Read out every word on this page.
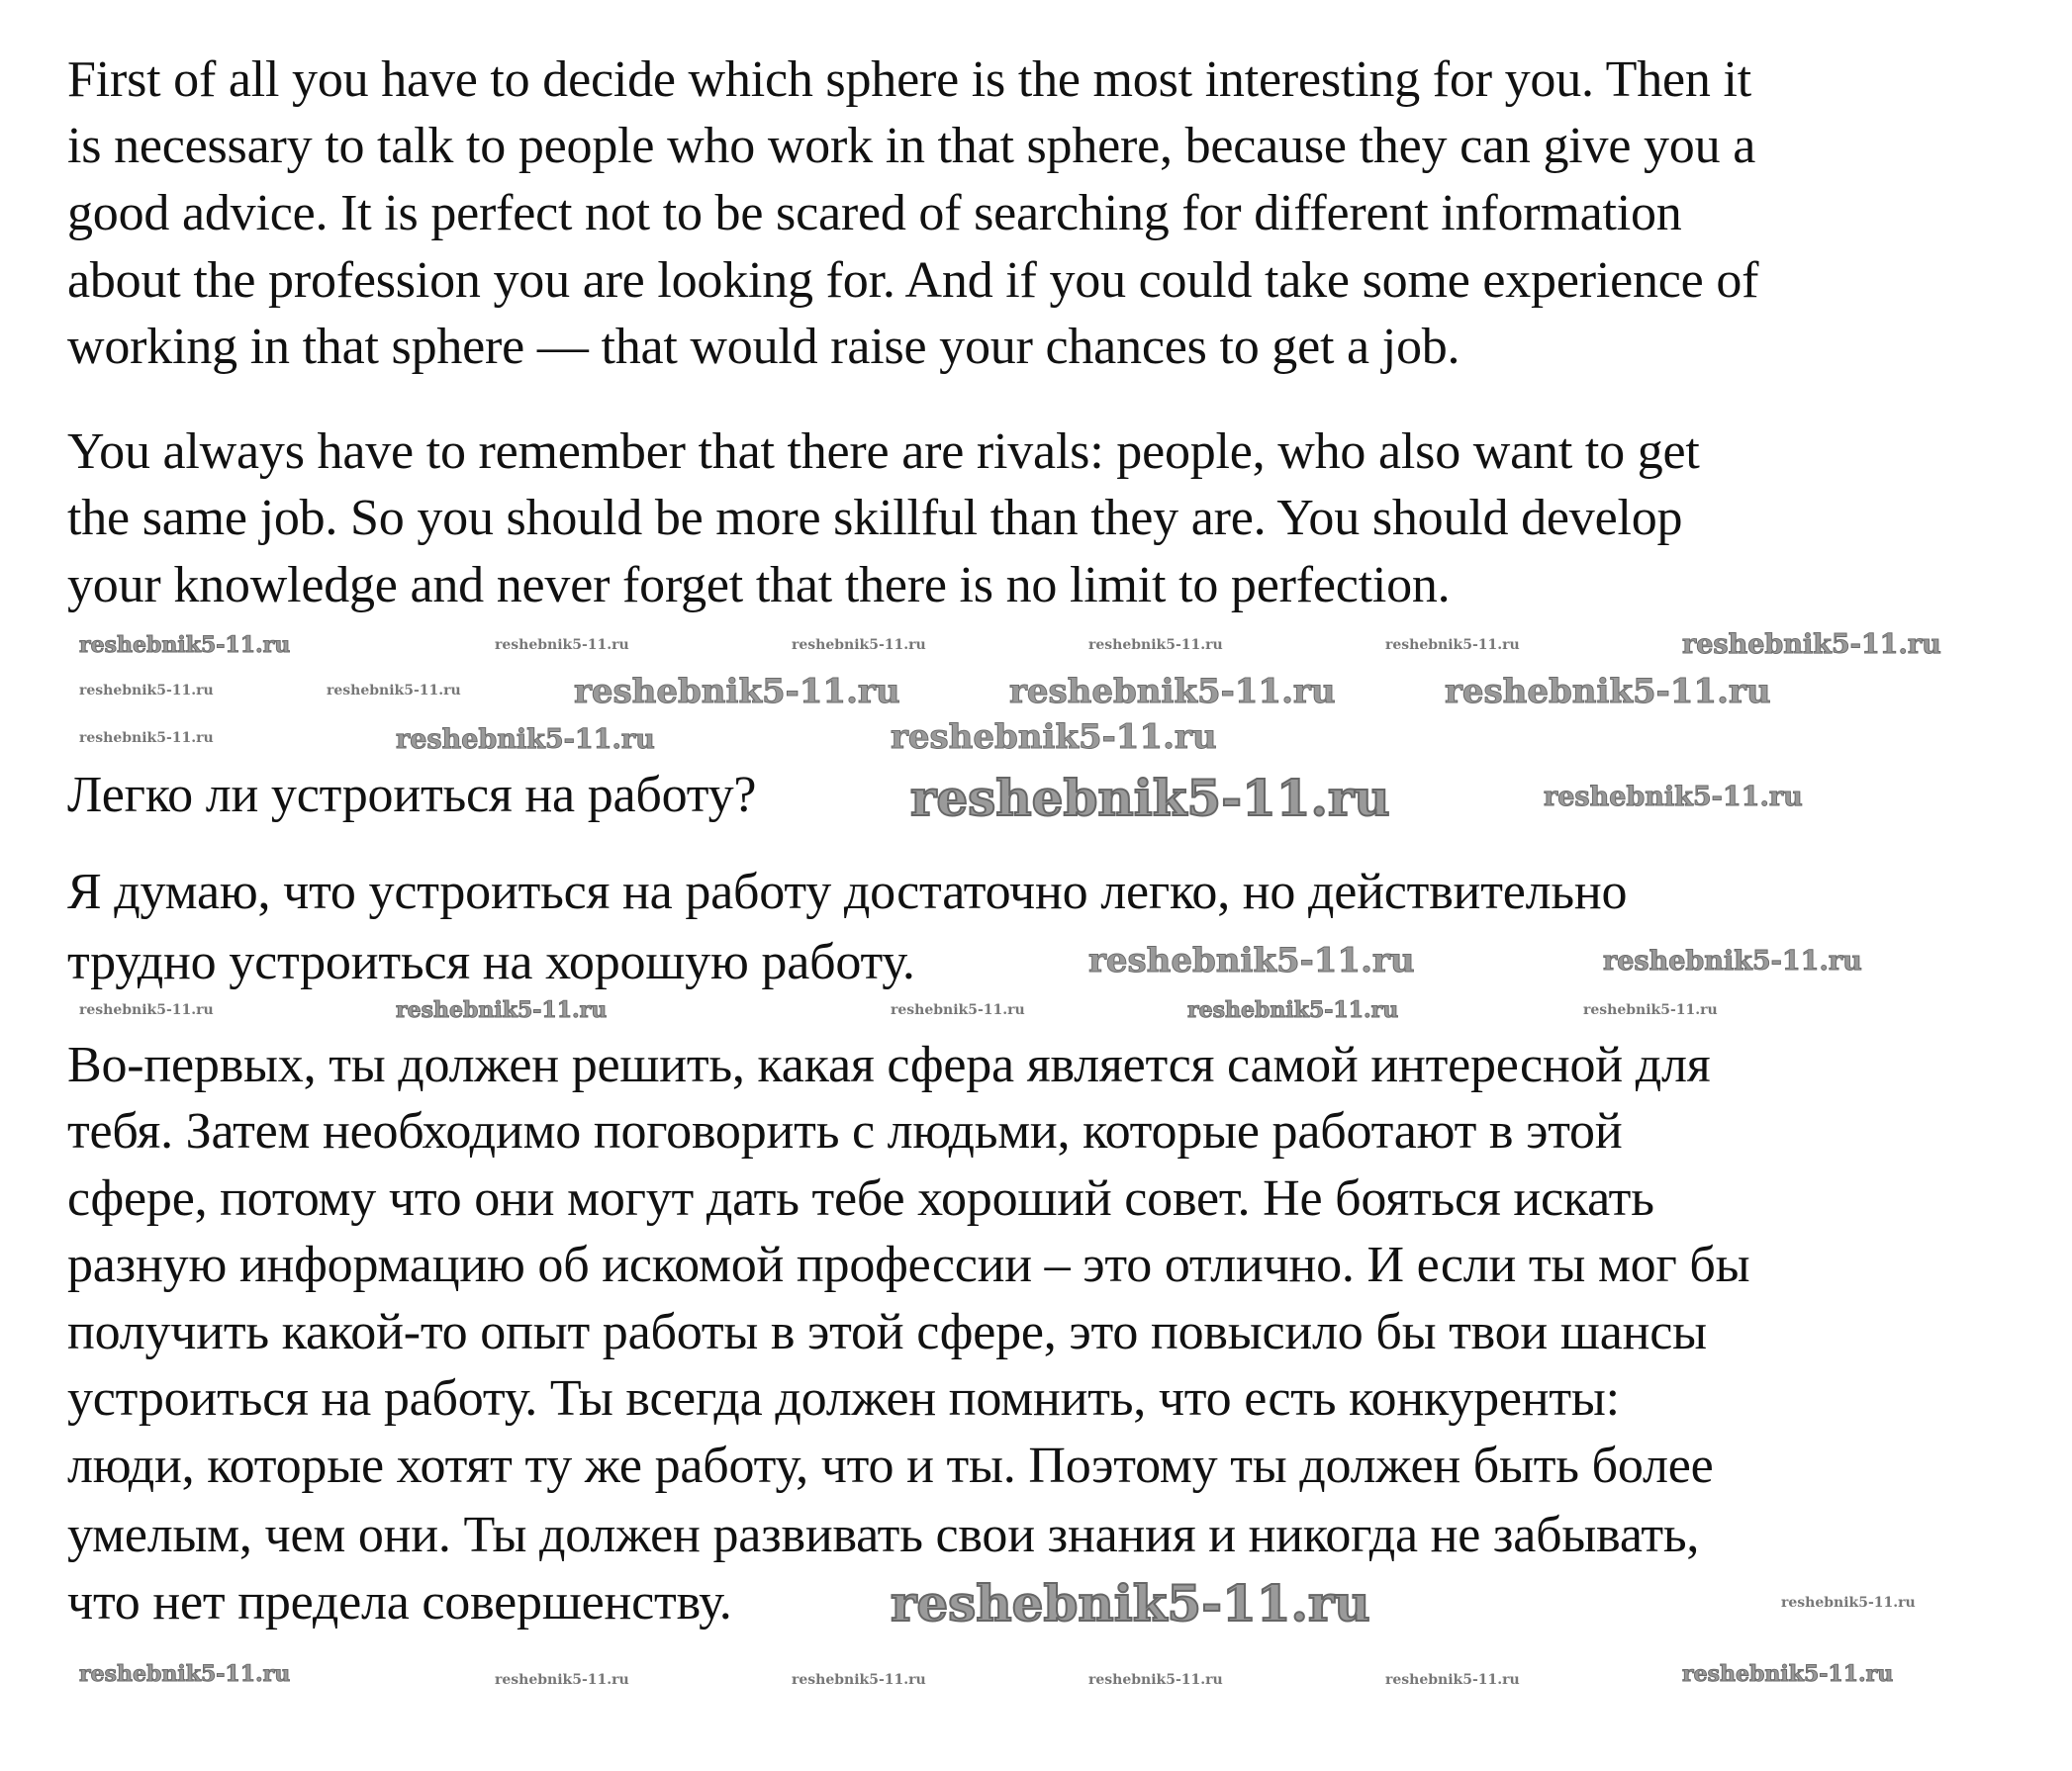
First of all you have to decide which sphere is the most interesting for you. Then it
is necessary to talk to people who work in that sphere, because they can give you a
good advice. It is perfect not to be scared of searching for different information
about the profession you are looking for. And if you could take some experience of
working in that sphere — that would raise your chances to get a job.
You always have to remember that there are rivals: people, who also want to get
the same job. So you should be more skillful than they are. You should develop
your knowledge and never forget that there is no limit to perfection.
Легко ли устроиться на работу?
Я думаю, что устроиться на работу достаточно легко, но действительно
трудно устроиться на хорошую работу.
Во-первых, ты должен решить, какая сфера является самой интересной для
тебя. Затем необходимо поговорить с людьми, которые работают в этой
сфере, потому что они могут дать тебе хороший совет. Не бояться искать
разную информацию об искомой профессии – это отлично. И если ты мог бы
получить какой-то опыт работы в этой сфере, это повысило бы твои шансы
устроиться на работу. Ты всегда должен помнить, что есть конкуренты:
люди, которые хотят ту же работу, что и ты. Поэтому ты должен быть более
умелым, чем они. Ты должен развивать свои знания и никогда не забывать,
что нет предела совершенству.
reshebnik5-11.ru	reshebnik5-11.ru	reshebnik5-11.ru	reshebnik5-11.ru	reshebnik5-11.ru	reshebnik5-11.ru
reshebnik5-11.ru	reshebnik5-11.ru	reshebnik5-11.ru	reshebnik5-11.ru	reshebnik5-11.ru
reshebnik5-11.ru	reshebnik5-11.ru	reshebnik5-11.ru
reshebnik5-11.ru	reshebnik5-11.ru
reshebnik5-11.ru	reshebnik5-11.ru
reshebnik5-11.ru	reshebnik5-11.ru	reshebnik5-11.ru	reshebnik5-11.ru	reshebnik5-11.ru
reshebnik5-11.ru	reshebnik5-11.ru	reshebnik5-11.ru	reshebnik5-11.ru	reshebnik5-11.ru	reshebnik5-11.ru
reshebnik5-11.ru	reshebnik5-11.ru
